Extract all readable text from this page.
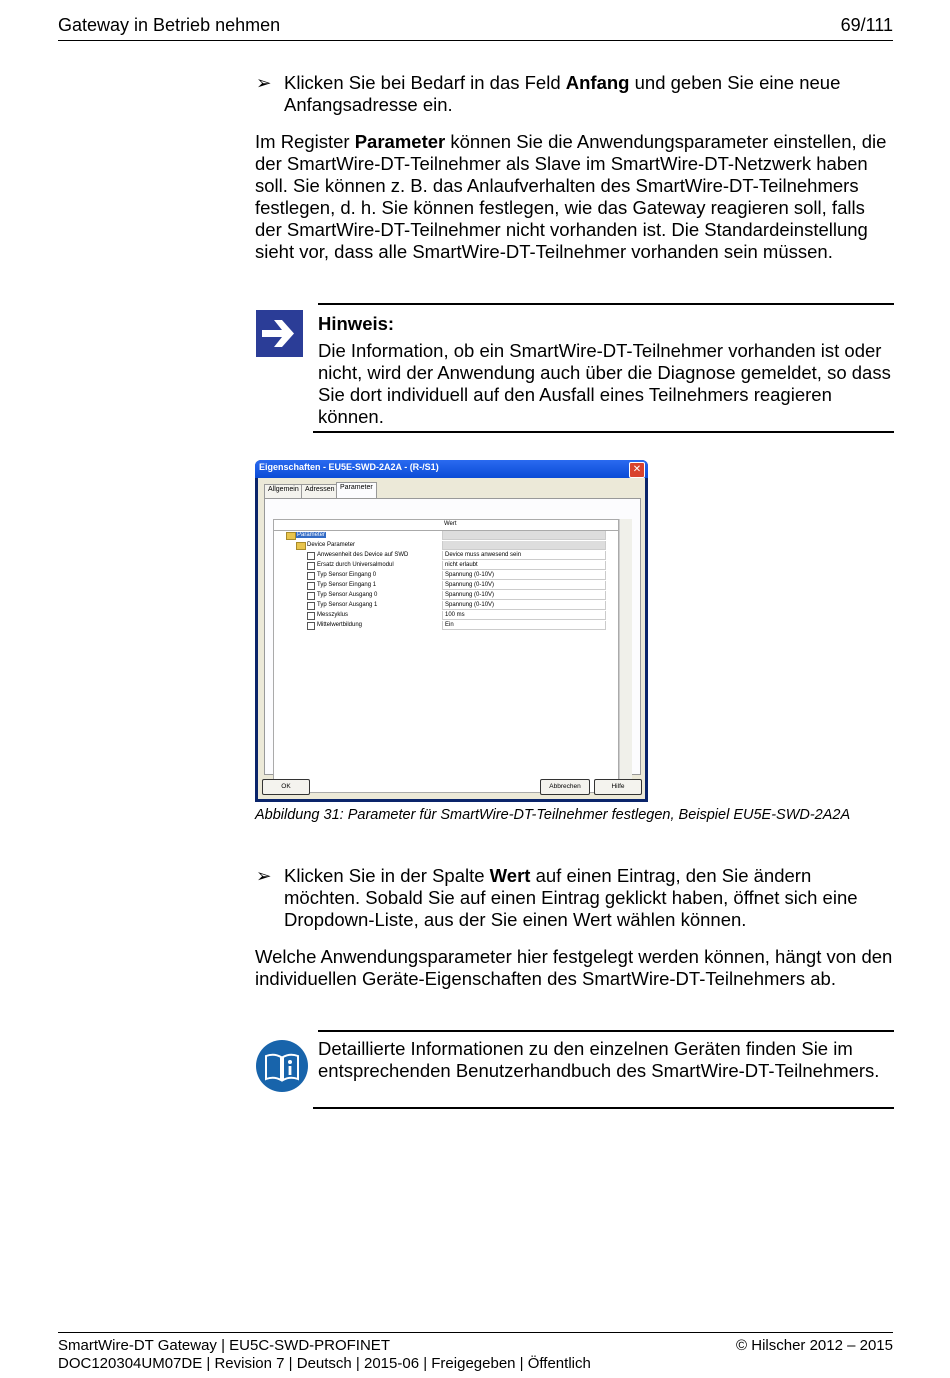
Gateway in Betrieb nehmen	69/111
➢ Klicken Sie bei Bedarf in das Feld Anfang und geben Sie eine neue Anfangsadresse ein.
Im Register Parameter können Sie die Anwendungsparameter einstellen, die der SmartWire-DT-Teilnehmer als Slave im SmartWire-DT-Netzwerk haben soll. Sie können z. B. das Anlaufverhalten des SmartWire-DT-Teilnehmers festlegen, d. h. Sie können festlegen, wie das Gateway reagieren soll, falls der SmartWire-DT-Teilnehmer nicht vorhanden ist. Die Standardeinstellung sieht vor, dass alle SmartWire-DT-Teilnehmer vorhanden sein müssen.
Hinweis:
Die Information, ob ein SmartWire-DT-Teilnehmer vorhanden ist oder nicht, wird der Anwendung auch über die Diagnose gemeldet, so dass Sie dort individuell auf den Ausfall eines Teilnehmers reagieren können.
Eigenschaften - EU5E-SWD-2A2A - (R-/S1)	✕
Allgemein Adressen Parameter
Wert
Parameter
Device Parameter
Anwesenheit des Device auf SWD	Device muss anwesend sein
Ersatz durch Universalmodul	nicht erlaubt
Typ Sensor Eingang 0	Spannung (0-10V)
Typ Sensor Eingang 1	Spannung (0-10V)
Typ Sensor Ausgang 0	Spannung (0-10V)
Typ Sensor Ausgang 1	Spannung (0-10V)
Messzyklus	100 ms
Mittelwertbildung	Ein
OK	Abbrechen	Hilfe
Abbildung 31: Parameter für SmartWire-DT-Teilnehmer festlegen, Beispiel EU5E-SWD-2A2A
➢ Klicken Sie in der Spalte Wert auf einen Eintrag, den Sie ändern möchten. Sobald Sie auf einen Eintrag geklickt haben, öffnet sich eine Dropdown-Liste, aus der Sie einen Wert wählen können.
Welche Anwendungsparameter hier festgelegt werden können, hängt von den individuellen Geräte-Eigenschaften des SmartWire-DT-Teilnehmers ab.
Detaillierte Informationen zu den einzelnen Geräten finden Sie im entsprechenden Benutzerhandbuch des SmartWire-DT-Teilnehmers.
SmartWire-DT Gateway | EU5C-SWD-PROFINET
DOC120304UM07DE | Revision 7 | Deutsch | 2015-06 | Freigegeben | Öffentlich
© Hilscher 2012 – 2015
